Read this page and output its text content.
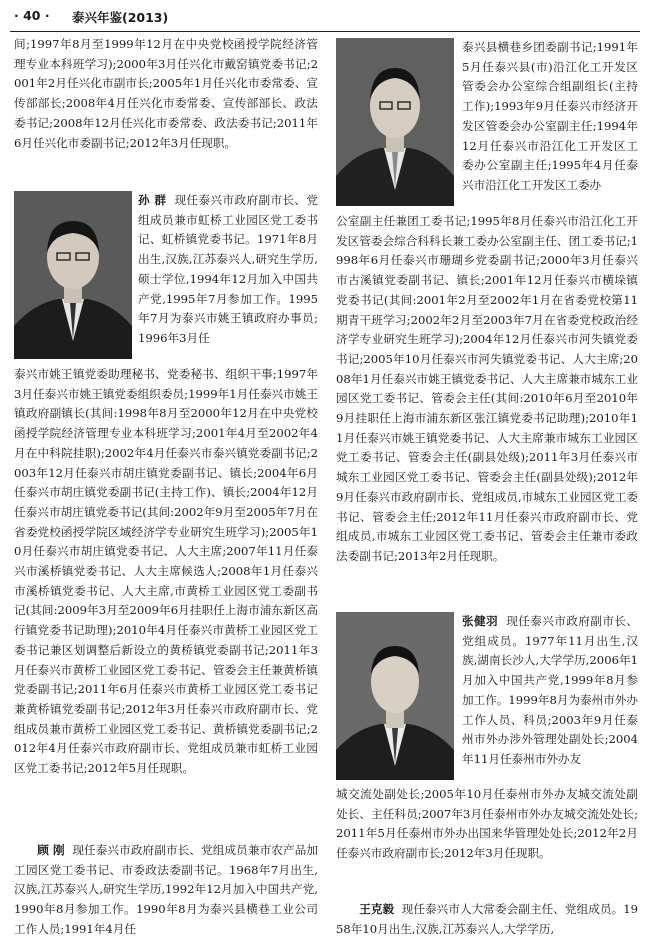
· 40 · 泰兴年鉴(2013)

间;1997年8月至1999年12月在中央党校函授学院经济管理专业本科班学习);2000年3月任兴化市戴窑镇党委书记;2001年2月任兴化市副市长;2005年1月任兴化市委常委、宣传部部长;2008年4月任兴化市委常委、宣传部部长、政法委书记;2008年12月任兴化市委常委、政法委书记;2011年6月任兴化市委副书记;2012年3月任现职。

孙 群 现任泰兴市政府副市长、党组成员兼市虹桥工业园区党工委书记、虹桥镇党委书记。1971年8月出生,汉族,江苏泰兴人,研究生学历,硕士学位,1994年12月加入中国共产党,1995年7月参加工作。1995年7月为泰兴市姚王镇政府办事员;1996年3月任

泰兴市姚王镇党委助理秘书、党委秘书、组织干事;1997年3月任泰兴市姚王镇党委组织委员;1999年1月任泰兴市姚王镇政府副镇长(其间:1998年8月至2000年12月在中央党校函授学院经济管理专业本科班学习;2001年4月至2002年4月在中科院挂职);2002年4月任泰兴市泰兴镇党委副书记;2003年12月任泰兴市胡庄镇党委副书记、镇长;2004年6月任泰兴市胡庄镇党委副书记(主持工作)、镇长;2004年12月任泰兴市胡庄镇党委书记(其间:2002年9月至2005年7月在省委党校函授学院区域经济学专业研究生班学习);2005年10月任泰兴市胡庄镇党委书记、人大主席;2007年11月任泰兴市溪桥镇党委书记、人大主席候选人;2008年1月任泰兴市溪桥镇党委书记、人大主席,市黄桥工业园区党工委副书记(其间:2009年3月至2009年6月挂职任上海市浦东新区高行镇党委书记助理);2010年4月任泰兴市黄桥工业园区党工委书记兼区划调整后新设立的黄桥镇党委副书记;2011年3月任泰兴市黄桥工业园区党工委书记、管委会主任兼黄桥镇党委副书记;2011年6月任泰兴市黄桥工业园区党工委书记兼黄桥镇党委副书记;2012年3月任泰兴市政府副市长、党组成员兼市黄桥工业园区党工委书记、黄桥镇党委副书记;2012年4月任泰兴市政府副市长、党组成员兼市虹桥工业园区党工委书记;2012年5月任现职。

顾 刚 现任泰兴市政府副市长、党组成员兼市农产品加工园区党工委书记、市委政法委副书记。1968年7月出生,汉族,江苏泰兴人,研究生学历,1992年12月加入中国共产党,1990年8月参加工作。1990年8月为泰兴县横巷工业公司工作人员;1991年4月任

泰兴县横巷乡团委副书记;1991年5月任泰兴县(市)沿江化工开发区管委会办公室综合组副组长(主持工作);1993年9月任泰兴市经济开发区管委会办公室副主任;1994年12月任泰兴市沿江化工开发区工委办公室副主任;1995年4月任泰兴市沿江化工开发区工委办

公室副主任兼团工委书记;1995年8月任泰兴市沿江化工开发区管委会综合科科长兼工委办公室副主任、团工委书记;1998年6月任泰兴市珊瑚乡党委副书记;2000年3月任泰兴市古溪镇党委副书记、镇长;2001年12月任泰兴市横垛镇党委书记(其间:2001年2月至2002年1月在省委党校第11期青干班学习;2002年2月至2003年7月在省委党校政治经济学专业研究生班学习);2004年12月任泰兴市河失镇党委书记;2005年10月任泰兴市河失镇党委书记、人大主席;2008年1月任泰兴市姚王镇党委书记、人大主席兼市城东工业园区党工委书记、管委会主任(其间:2010年6月至2010年9月挂职任上海市浦东新区张江镇党委书记助理);2010年11月任泰兴市姚王镇党委书记、人大主席兼市城东工业园区党工委书记、管委会主任(副县处级);2011年3月任泰兴市城东工业园区党工委书记、管委会主任(副县处级);2012年9月任泰兴市政府副市长、党组成员,市城东工业园区党工委书记、管委会主任;2012年11月任泰兴市政府副市长、党组成员,市城东工业园区党工委书记、管委会主任兼市委政法委副书记;2013年2月任现职。

张健羽 现任泰兴市政府副市长、党组成员。1977年11月出生,汉族,湖南长沙人,大学学历,2006年1月加入中国共产党,1999年8月参加工作。1999年8月为泰州市外办工作人员、科员;2003年9月任泰州市外办涉外管理处副处长;2004年11月任泰州市外办友

城交流处副处长;2005年10月任泰州市外办友城交流处副处长、主任科员;2007年3月任泰州市外办友城交流处处长;2011年5月任泰州市外办出国来华管理处处长;2012年2月任泰兴市政府副市长;2012年3月任现职。

王克毅 现任泰兴市人大常委会副主任、党组成员。1958年10月出生,汉族,江苏泰兴人,大学学历,
